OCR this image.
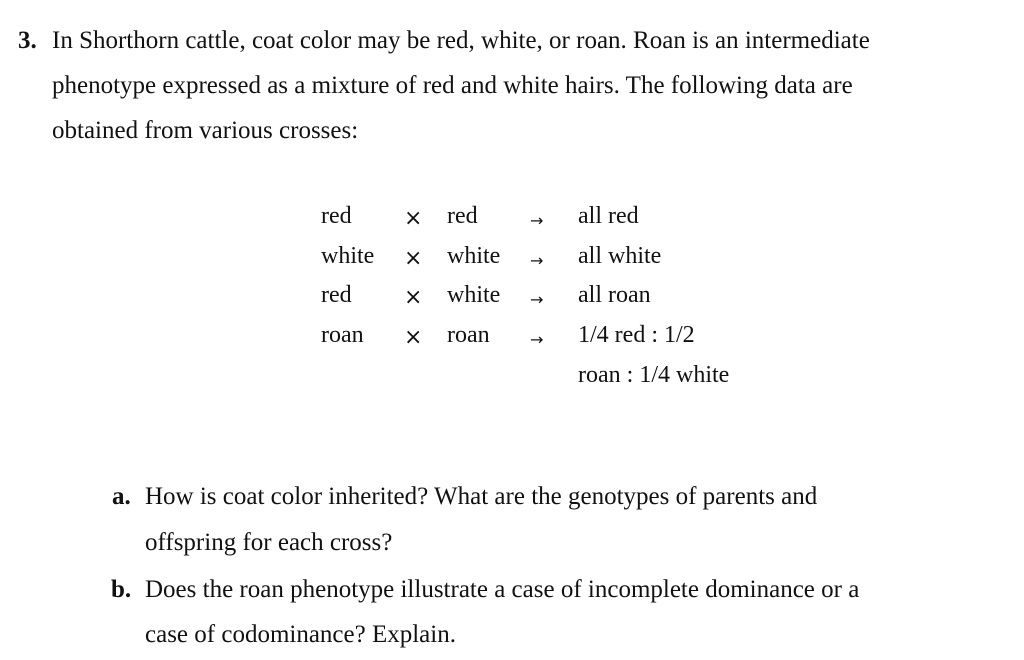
3. In Shorthorn cattle, coat color may be red, white, or roan. Roan is an intermediate
phenotype expressed as a mixture of red and white hairs. The following data are
obtained from various crosses:
red × red	→ all red
white × white → all white
red × white → all roan
roan × roan	→ 1/4 red : 1/2
roan : 1/4 white
a. How is coat color inherited? What are the genotypes of parents and
offspring for each cross?
b. Does the roan phenotype illustrate a case of incomplete dominance or a
case of codominance? Explain.
